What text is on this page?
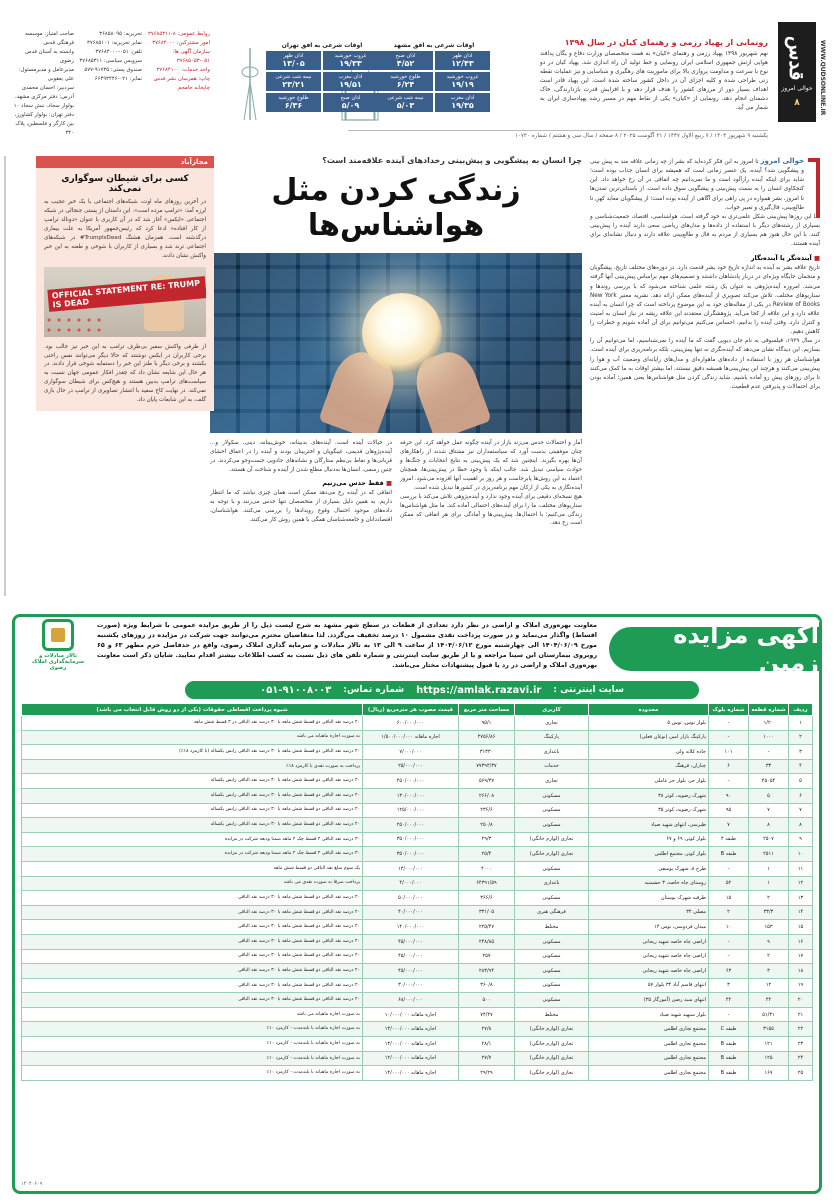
WWW.QUDSONLINE.IR
قدس
حوالی امروز
۸
رونمایی از پهپاد رزمی و رهنمای کیان در سال ۱۳۹۸

نهم شهریور ۱۳۹۸ پهپاد رزمی و رهنمای «کیان» به همت متخصصان وزارت دفاع و یگان پدافند هوایی ارتش جمهوری اسلامی ایران رونمایی و خط تولید آن راه اندازی شد. پهپاد کیان در دو نوع با سرعت و مداومت پروازی بالا برای ماموریت های رهگیری و شناسایی و نیز عملیات نقطه زنی طراحی شده و کلیه اجزای آن در داخل کشور ساخته شده است. این پهپاد قادر است اهداف بسیار دور از مرزهای کشور را هدف قرار دهد و با افزایش قدرت بازدارندگی، خاک دشمنان انجام دهد. رونمایی از «کیان» یکی از نقاط مهم در مسیر رشد پهپادسازی ایران به شمار می آید.

اوقات شرعی به افق مشهد
اذان ظهر
۱۲/۴۳
اذان صبح
۴/۵۲
غروب خورشید
۱۹/۱۹
طلوع خورشید
۶/۲۴
اذان مغرب
۱۹/۳۵
نیمه شب شرعی
۵/۰۳
اوقات شرعی به افق تهران
غروب خورشید
۱۹/۳۳
اذان ظهر
۱۳/۰۵
اذان مغرب
۱۹/۵۱
نیمه شب شرعی
۲۳/۲۱
اذان صبح
۵/۰۹
طلوع خورشید
۶/۳۶

صاحب امتیاز: موسسه فرهنگی قدس

وابسته به آستان قدس رضوی

مدیرعامل و مدیرمسئول: علی یعقوبی

سردبیر: احسان محمدی

آدرس: دفتر مرکزی مشهد، بولوار سجاد، نبش سجاد ۱۰

دفتر تهران: بولوار کشاورز، بین کارگر و فلسطین، پلاک ۳۴۰

تحریریه: ۳۶۸۵۸۰۹۵

نمابر تحریریه: ۳۷۶۸۵۱۰۱

تلفن: ۰۵۱-۳۷۶۸۴۰۰۰

سرویس سیاسی: ۳۷۶۸۵۳۱۱

صندوق پستی: ۹۱۷۳۵-۵۷۷

نمابر: ۰۲۱-۶۶۴۹۳۴۴۶

روابط عمومی: ۸-۳۷۶۸۵۳۱۱

امور مشترکین: ۳۷۶۸۴۰۰۰

سازمان آگهی ها: ۰۵۱-۳۷۶۸۵۰۵۳

واحد خدمات: ۳۷۶۸۴۱۰۰

چاپ: همرسان نشر قدس

چاپخانه جامجم

یکشنبه ۹ شهریور ۱۴۰۴ / ۷ ربیع الاول ۱۴۴۷ / ۳۱ آگوست ۲۰۲۵ / ۸ صفحه / سال سی و هشتم / شماره ۱۰۷۳۰

حوالی امروز تا امروز به این فکر کرده‌اید که بشر از چه زمانی علاقه مند به پیش بینی و پیشگویی شد؟ آینده، یک عنصر زمانی است که همیشه برای انسان جذاب بوده است؛ شاید برای اینکه آینده رازآلود است و ما نمی‌دانیم چه اتفاقی در آن رخ خواهد داد. این کنجکاوی انسان را به سمت پیش‌بینی و پیشگویی سوق داده است. از باستانی‌ترین تمدن‌ها تا امروز، بشر همواره در پی راهی برای آگاهی از آینده بوده است؛ از پیشگویان معابد کهن تا طالع‌بینی، فال‌گیری و تعبیر خواب.

اما این روزها پیش‌بینی شکل علمی‌تری به خود گرفته است. هواشناسی، اقتصاد، جمعیت‌شناسی و بسیاری از رشته‌های دیگر با استفاده از داده‌ها و مدل‌های ریاضی سعی دارند آینده را پیش‌بینی کنند. با این حال هنوز هم بسیاری از مردم به فال و طالع‌بینی علاقه دارند و دنبال نشانه‌ای برای آینده هستند.

■ آینده‌نگر یا آینده‌نگار

تاریخ علاقه بشر به آینده به اندازه تاریخ خود بشر قدمت دارد. در دوره‌های مختلف تاریخ، پیشگویان و منجمان جایگاه ویژه‌ای در دربار پادشاهان داشتند و تصمیم‌های مهم براساس پیش‌بینی آنها گرفته می‌شد. امروزه آینده‌پژوهی به عنوان یک رشته علمی شناخته می‌شود که با بررسی روندها و سناریوهای مختلف، تلاش می‌کند تصویری از آینده‌های ممکن ارائه دهد. نشریه معتبر New York Review of Books در یکی از مقاله‌های خود به این موضوع پرداخته است که چرا انسان به آینده علاقه دارد و این علاقه از کجا می‌آید. پژوهشگران معتقدند این علاقه ریشه در نیاز انسان به امنیت و کنترل دارد. وقتی آینده را بدانیم، احساس می‌کنیم می‌توانیم برای آن آماده شویم و خطرات را کاهش دهیم.

در سال ۱۹۳۹، فیلسوفی به نام جان دیویی گفت که ما آینده را نمی‌شناسیم، اما می‌توانیم آن را بسازیم. این دیدگاه نشان می‌دهد که آینده‌نگری نه تنها پیش‌بینی، بلکه برنامه‌ریزی برای آینده است. هواشناسان هر روز با استفاده از داده‌های ماهواره‌ای و مدل‌های رایانه‌ای وضعیت آب و هوا را پیش‌بینی می‌کنند و هرچند این پیش‌بینی‌ها همیشه دقیق نیستند، اما بیشتر اوقات به ما کمک می‌کنند تا برای روزهای پیش رو آماده باشیم. شاید زندگی کردن مثل هواشناس‌ها یعنی همین؛ آماده بودن برای احتمالات و پذیرفتن عدم قطعیت.

چرا انسان به پیشگویی و پیش‌بینی رخدادهای آینده علاقه‌مند است؟
زندگی کردن مثل هواشناس‌ها

در خیالات آینده است. آینده‌های بدبینانه، خوش‌بینانه، دینی، سکولار و... آینده‌پژوهان قدیمی، غیبگویان و اختربینان بودند و آینده را در اعماق احشای قربانی‌ها و نقاط بی‌نظم ستارگان و نشانه‌های جادویی جست‌وجو می‌کردند. در چنین رسمی، انسان‌ها به‌دنبال مطلع شدن از آینده و شناخت آن هستند.

■ فقط حدس می‌زنیم

اتفاقی که در آینده رخ می‌دهد ممکن است همان چیزی نباشد که ما انتظار داریم. به همین دلیل بسیاری از متخصصان تنها حدس می‌زنند و با توجه به داده‌های موجود احتمال وقوع رویدادها را بررسی می‌کنند. هواشناسان، اقتصاددانان و جامعه‌شناسان همگی با همین روش کار می‌کنند.

آمار و احتمالات حدس می‌زند بازار در آینده چگونه عمل خواهد کرد. این حرفه چنان موفقیتی بدست آورد که سیاستمداران نیز مشتاق شدند از راهکارهای آن‌ها بهره بگیرند. اینچنین شد که یک پیش‌بینی به نتایج انتخابات و جنگ‌ها و حوادث سیاسی تبدیل شد. جالب اینکه با وجود خطا در پیش‌بینی‌ها، همچنان اعتماد به این روش‌ها پابرجاست و هر روز بر اهمیت آنها افزوده می‌شود. امروز آینده‌نگاری به یکی از ارکان مهم برنامه‌ریزی در کشورها تبدیل شده است.

هیچ نسخه‌ای دقیقی برای آینده وجود ندارد و آینده‌پژوهی تلاش می‌کند با بررسی سناریوهای مختلف، ما را برای آینده‌های احتمالی آماده کند. ما مثل هواشناس‌ها زندگی می‌کنیم؛ با احتمال‌ها، پیش‌بینی‌ها و آمادگی برای هر اتفاقی که ممکن است رخ دهد.

مجازآباد
کسی برای شیطان سوگواری نمی‌کند

در آخرین روزهای ماه اوت، شبکه‌های اجتماعی با یک خبر عجیب به لرزه آمد: «ترامپ مرده است». این داستان از پستی جنجالی در شبکه اجتماعی «ایکس» آغاز شد که در آن کاربری با عنوان «دونالد ترامپ از کار افتاده» ادعا کرد که رئیس‌جمهور آمریکا به علت بیماری درگذشته است. همزمان هشتگ TrumpIsDead# در شبکه‌های اجتماعی ترند شد و بسیاری از کاربران با شوخی و طعنه به این خبر واکنش نشان دادند.

OFFICIAL STATEMENT RE: TRUMP IS DEAD

از طرفی واکنش سفیر بی‌طرف ترامپ به این خبر نیز جالب بود. برخی کاربران در ایکس نوشتند که حالا دیگر می‌توانند نفس راحتی بکشند و برخی دیگر با طنز این خبر را دستمایه شوخی قرار دادند. در هر حال این شایعه نشان داد که چقدر افکار عمومی جهان نسبت به سیاست‌های ترامپ بدبین هستند و هیچ‌کس برای شیطان سوگواری نمی‌کند. در نهایت کاخ سفید با انتشار تصاویری از ترامپ در حال بازی گلف، به این شایعات پایان داد.

آگهی مزایده زمین
معاونت بهره‌وری املاک و اراضی در نظر دارد تعدادی از قطعات در سطح شهر مشهد به شرح لیست ذیل را از طریق مزایده عمومی با شرایط ویژه (صورت اقساط) واگذار می‌نماید و در صورت پرداخت نقدی مشمول ۱۰ درصد تخفیف می‌گردد. لذا متقاضیان محترم می‌توانند جهت شرکت در مزایده در روزهای یکشنبه مورخ ۱۴۰۴/۰۶/۰۹ الی چهارشنبه مورخ ۱۴۰۴/۰۶/۱۲ از ساعت ۹ الی ۱۳ به تالار مبادلات و سرمایه گذاری املاک رضوی، واقع در حدفاصل حرم مطهر ۶۳ و ۶۵ روبروی بیمارستان ابن سینا مراجعه و یا از طریق سایت اینترنتی و شماره تلفن های ذیل نسبت به کسب اطلاعات بیشتر اقدام نمایید. شایان ذکر است معاونت بهره‌وری املاک و اراضی در رد یا قبول پیشنهادات مختار می‌باشد.

تالار مبادلات و سرمایه‌گذاری املاک رضوی

سایت اینترنتی :
https://amlak.razavi.ir
شماره تماس:
۰۵۱-۹۱۰۰۸۰۰۳
ردیف	شماره قطعه	شماره بلوک	محدوده	کاربری	مساحت متر مربع	قیمت مصوب هر مترمربع (ریال)	شیوه پرداخت اقساطی حقوقات (یکی از دو روش قابل انتخاب می باشد)
۱	۱/۲۰	-	بلوار توس، توس ۵	تجاری	۹۵/۱	۶۰۰/۰۰۰/۰۰۰	۴۰ درصد نقد الباقی دو قسط شش ماهه یا ۳۰ درصد نقد الباقی در ۳ قسط شش ماهه
۲	۱۰۰۰	-	پارکینگ بازار امین (نوغان فعلی)	پارکینگ	۴۷۵۶/۸۶	اجاره ماهانه ۱/۵۰۰/۰۰۰/۰۰۰	به صورت اجاره ماهیانه می باشد
۳	-	۱۰۱	جاده کلاته ولی	باغداری	۳۱۳۳۰	۷/۰۰۰/۰۰۰	۴۰ درصد نقد الباقی دو قسط شش ماهه یا ۳۰ درصد نقد الباقی رایس یکساله (با کارمزد ۱۸٪)
۴	۳۳	۶	چناران، فرهنگ	خدمات	۷۷۳۹۴/۳۷	۲۵/۰۰۰/۰۰۰	پرداخت به صورت نقدی با کارمزد ۱۸٪
۵	۴۵۰۵۴	-	بلوار حر، بلوار حر عاملی	تجاری	۵۶۹/۳۷	۴۵۰/۰۰۰/۰۰۰	۴۰ درصد نقد الباقی دو قسط شش ماهه یا ۳۰ درصد نقد الباقی رایس یکساله
۶	۵	۹۰	شهرک رضویه، کوثر ۳۸	مسکونی	۲۶۶/۰۸	۱۳۰/۰۰۰/۰۰۰	۴۰ درصد نقد الباقی دو قسط شش ماهه یا ۳۰ درصد نقد الباقی رایس یکساله
۷	۷	۹۵	شهرک رضویه، کوثر ۳۵	مسکونی	۲۳۶/۶	۱۲۵/۰۰۰/۰۰۰	۴۰ درصد نقد الباقی دو قسط شش ماهه یا ۳۰ درصد نقد الباقی رایس یکساله
۸	۸	۷	طبرسی، انتهای شهید صیاد	مسکونی	۲۵۰/۸	۲۵۰/۰۰۰/۰۰۰	۴۰ درصد نقد الباقی دو قسط شش ماهه یا ۳۰ درصد نقد الباقی رایس یکساله
۹	۲۵۰۷	طبقه ۴	بلوار کوثر، ۶۹ و ۶۷	تجاری (لوازم خانگی)	۲۹/۳	۳۵۰/۰۰۰/۰۰۰	۳۰ درصد نقد الباقی ۴ قسط چک ۴ ماهه ضمنا ودیعه شرکت در مزایده
۱۰	۲۵۱۱	B طبقه	بلوار کوثر، مجتمع اطلس	تجاری (لوازم خانگی)	۲۵/۴	۳۵۰/۰۰۰/۰۰۰	۳۰ درصد نقد الباقی ۴ قسط چک ۴ ماهه ضمنا ودیعه شرکت در مزایده
۱۱	۱	-	طرح ۸، شهرک یوسفی	مسکونی	۴۰۰۰	۱۴/۰۰۰/۰۰۰	یک سوم مبلغ نقد الباقی دو قسط شش ماهه
۱۲	۱	۵۲	روستای چاه خاصه، ۳ حشمتیه	باغداری	۶۴۳۹۱/۵۹	۴/۰۰۰/۰۰۰	پرداخت صرفا به صورت نقدی می باشد
۱۳	۲	۱۵	طرقبه شهرک بوستان	مسکونی	۳۶۶/۶	۵۰/۰۰۰/۰۰۰	۴۰ درصد نقد الباقی دو قسط شش ماهه یا ۳۰ درصد نقد الباقی
۱۴	۳۳/۳	۲	مصلی ۳۴	فرهنگی هنری	۳۳۱/۰۵	۴۰/۰۰۰/۰۰۰	۴۰ درصد نقد الباقی دو قسط شش ماهه یا ۳۰ درصد نقد الباقی
۱۵	۱۵۳	۱۰	میدان فردوسی، توس ۱۴	مختلط	۲۲۵/۴۷	۱۴۰/۰۰۰/۰۰۰	۴۰ درصد نقد الباقی دو قسط شش ماهه یا ۳۰ درصد نقد الباقی
۱۶	۹	-	اراضی چاه خاصه شهید ریحانی	مسکونی	۲۴۸/۸۵	۴۵/۰۰۰/۰۰۰	۴۰ درصد نقد الباقی دو قسط شش ماهه یا ۳۰ درصد نقد الباقی
۱۷	۲	-	اراضی چاه خاصه شهید ریحانی	مسکونی	۲۵۷	۴۵/۰۰۰/۰۰۰	۴۰ درصد نقد الباقی دو قسط شش ماهه یا ۳۰ درصد نقد الباقی
۱۸	۳	۶۳	اراضی چاه خاصه شهید ریحانی	مسکونی	۲۸۳/۹۴	۴۵/۰۰۰/۰۰۰	۴۰ درصد نقد الباقی دو قسط شش ماهه یا ۳۰ درصد نقد الباقی
۱۹	۱۲	۳	انتهای قاسم آباد ۳۴ بلوار ۵۷	مسکونی	۳۶۰/۸	۳۰/۰۰۰/۰۰۰	۴۰ درصد نقد الباقی دو قسط شش ماهه یا ۳۰ درصد نقد الباقی
۲۰	۴۴	۴۴	انتهای سید رضی (آموزگار ۳۵)	مسکونی	۵۰۰	۶۸/۰۰۰/۰۰۰	۴۰ درصد نقد الباقی دو قسط شش ماهه یا ۳۰ درصد نقد الباقی
۲۱	۵۱/۳۱	-	بلوار سپهبد شهید صیاد	مختلط	۷۴/۴۷	اجاره ماهانه ۱۰/۰۰۰/۰۰۰	به صورت اجاره ماهیانه می باشد
۲۲	۳۱۵۵	C طبقه	مجتمع تجاری اطلس	تجاری (لوازم خانگی)	۲۷/۸	اجاره ماهانه ۱۳/۰۰۰/۰۰۰	به صورت اجاره ماهیانه با بلندمدت - کارمزد ۱۰٪
۲۳	۱۲۱	B طبقه	مجتمع تجاری اطلس	تجاری (لوازم خانگی)	۲۸/۱	اجاره ماهانه ۱۳/۰۰۰/۰۰۰	به صورت اجاره ماهیانه با بلندمدت - کارمزد ۱۰٪
۲۴	۱۲۵	B طبقه	مجتمع تجاری اطلس	تجاری (لوازم خانگی)	۲۷/۷	اجاره ماهانه ۱۲/۰۰۰/۰۰۰	به صورت اجاره ماهیانه با بلندمدت - کارمزد ۱۰٪
۲۵	۱۶۷	B طبقه	مجتمع تجاری اطلس	تجاری (لوازم خانگی)	۲۹/۲۹	اجاره ماهانه ۱۴/۰۰۰/۰۰۰	به صورت اجاره ماهیانه با بلندمدت - کارمزد ۱۰٪
۱۴۰۴۰۶۰۹
